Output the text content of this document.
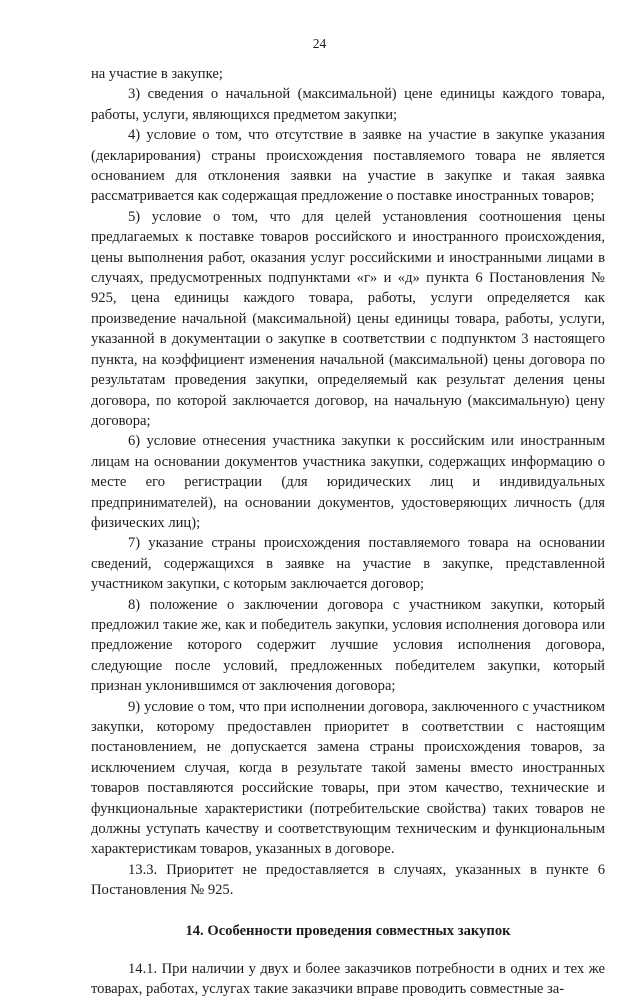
24

на участие в закупке;

3) сведения о начальной (максимальной) цене единицы каждого товара, работы, услуги, являющихся предметом закупки;

4) условие о том, что отсутствие в заявке на участие в закупке указания (декларирования) страны происхождения поставляемого товара не является основанием для отклонения заявки на участие в закупке и такая заявка рассматривается как содержащая предложение о поставке иностранных товаров;

5) условие о том, что для целей установления соотношения цены предлагаемых к поставке товаров российского и иностранного происхождения, цены выполнения работ, оказания услуг российскими и иностранными лицами в случаях, предусмотренных подпунктами «г» и «д» пункта 6 Постановления № 925, цена единицы каждого товара, работы, услуги определяется как произведение начальной (максимальной) цены единицы товара, работы, услуги, указанной в документации о закупке в соответствии с подпунктом 3 настоящего пункта, на коэффициент изменения начальной (максимальной) цены договора по результатам проведения закупки, определяемый как результат деления цены договора, по которой заключается договор, на начальную (максимальную) цену договора;

6) условие отнесения участника закупки к российским или иностранным лицам на основании документов участника закупки, содержащих информацию о месте его регистрации (для юридических лиц и индивидуальных предпринимателей), на основании документов, удостоверяющих личность (для физических лиц);

7) указание страны происхождения поставляемого товара на основании сведений, содержащихся в заявке на участие в закупке, представленной участником закупки, с которым заключается договор;

8) положение о заключении договора с участником закупки, который предложил такие же, как и победитель закупки, условия исполнения договора или предложение которого содержит лучшие условия исполнения договора, следующие после условий, предложенных победителем закупки, который признан уклонившимся от заключения договора;

9) условие о том, что при исполнении договора, заключенного с участником закупки, которому предоставлен приоритет в соответствии с настоящим постановлением, не допускается замена страны происхождения товаров, за исключением случая, когда в результате такой замены вместо иностранных товаров поставляются российские товары, при этом качество, технические и функциональные характеристики (потребительские свойства) таких товаров не должны уступать качеству и соответствующим техническим и функциональным характеристикам товаров, указанных в договоре.

13.3. Приоритет не предоставляется в случаях, указанных в пункте 6 Постановления № 925.

14. Особенности проведения совместных закупок

14.1. При наличии у двух и более заказчиков потребности в одних и тех же товарах, работах, услугах такие заказчики вправе проводить совместные за-
